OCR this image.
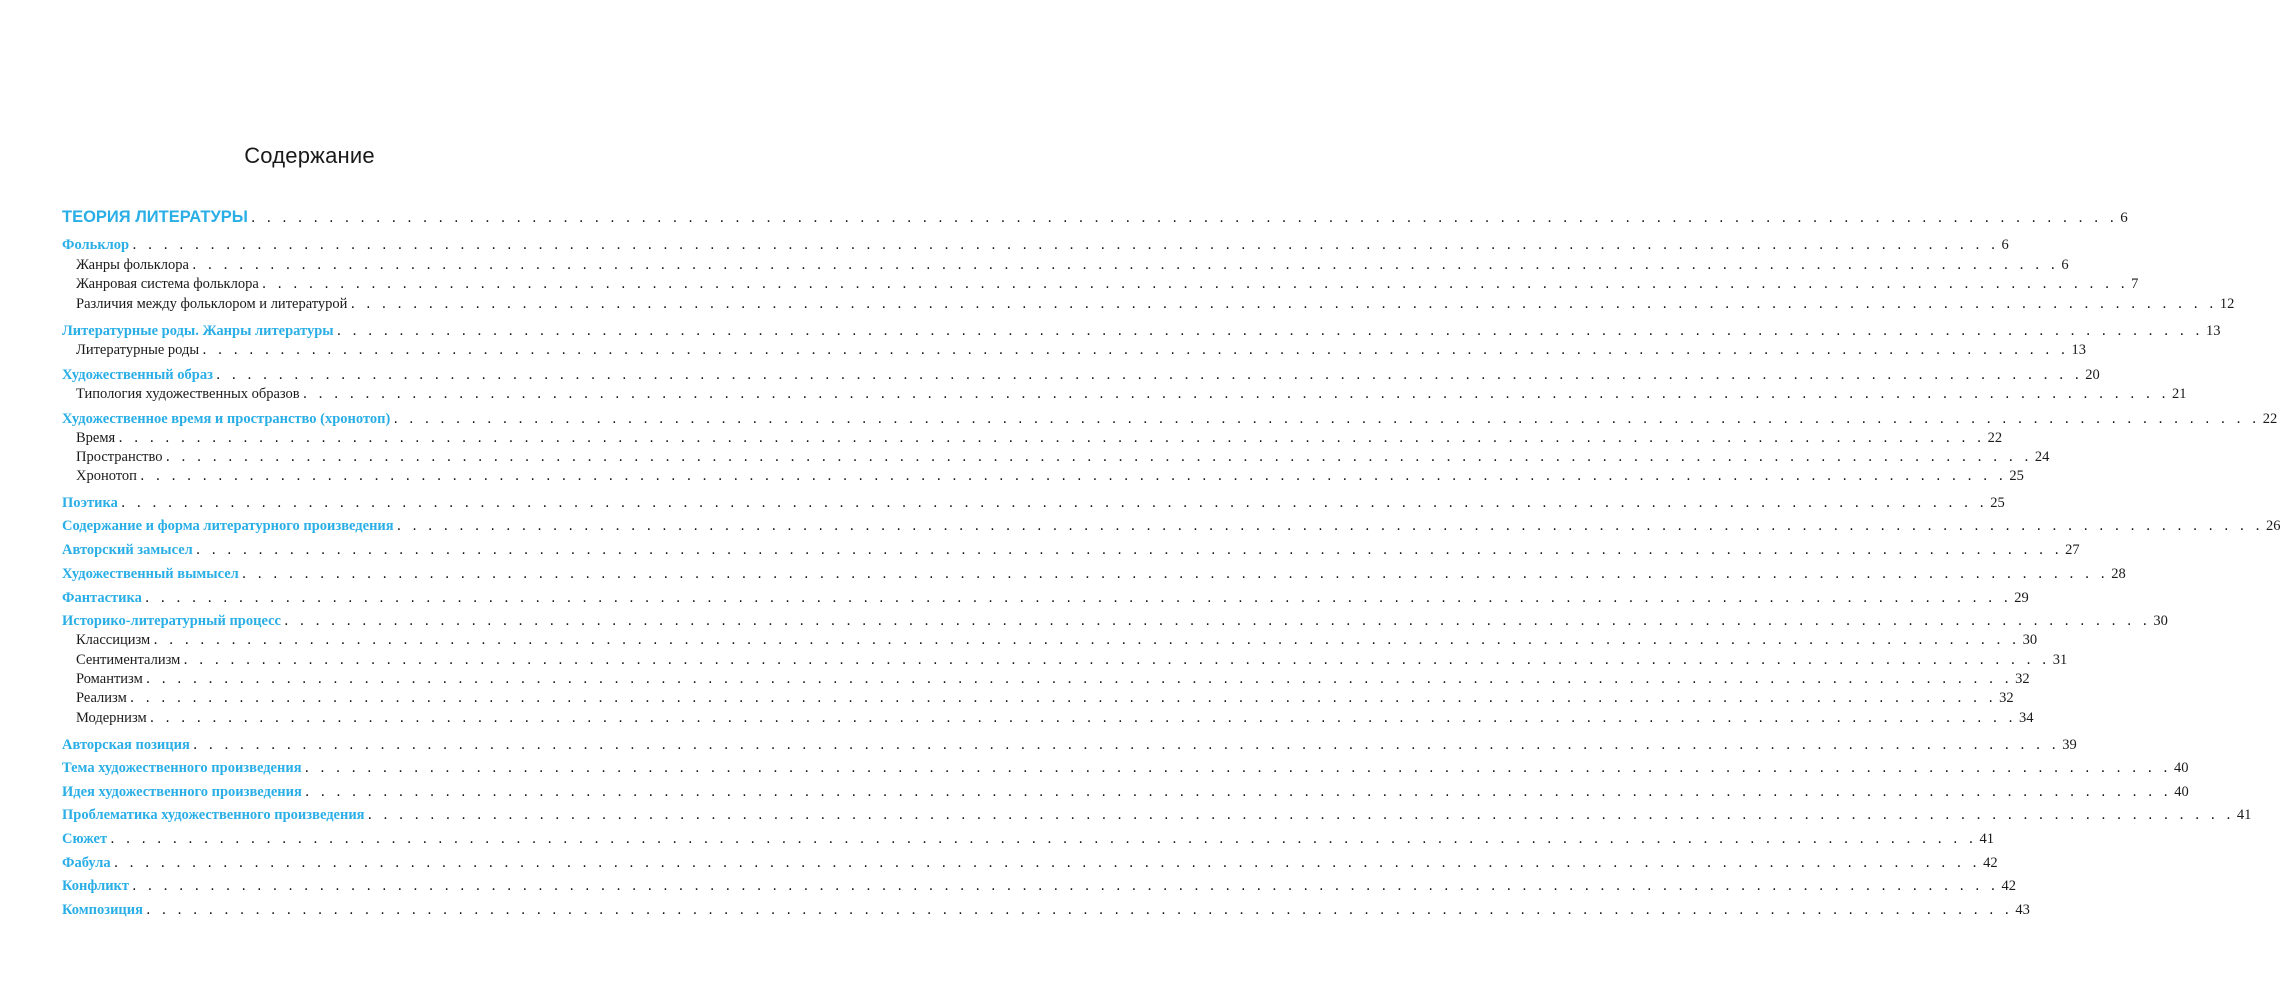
Содержание
ТЕОРИЯ ЛИТЕРАТУРЫ . . . . . . . . . . . . . . . . . . . . . . . . . . . . . . . . . . . . . . . . . . . . . . . . . . . . . . . . . . . . . . . . . . . . . . . . . . . . . . . . . . . . . . . . . . . . . . . . . . . . . . . . . . . . . . . . . . . . . . . . 6
Фольклор . . . . . . . . . . . . . . . . . . . . . . . . . . . . . . . . . . . . . . . . . . . . . . . . . . . . . . . . . . . . . . . . . . . . . . . . . . . . . . . . . . . . . . . . . . . . . . . . . . . . . . . . . . . . . . . . . . . . . . . . 6
Жанры фольклора . . . . . . . . . . . . . . . . . . . . . . . . . . . . . . . . . . . . . . . . . . . . . . . . . . . . . . . . . . . . . . . . . . . . . . . . . . . . . . . . . . . . . . . . . . . . . . . . . . . . . . . . . . . . . . . . . . . . . . . . 6
Жанровая система фольклора . . . . . . . . . . . . . . . . . . . . . . . . . . . . . . . . . . . . . . . . . . . . . . . . . . . . . . . . . . . . . . . . . . . . . . . . . . . . . . . . . . . . . . . . . . . . . . . . . . . . . . . . . . . . . . . . . . . . . . . . 7
Различия между фольклором и литературой . . . . . . . . . . . . . . . . . . . . . . . . . . . . . . . . . . . . . . . . . . . . . . . . . . . . . . . . . . . . . . . . . . . . . . . . . . . . . . . . . . . . . . . . . . . . . . . . . . . . . . . . . . . . . . . . . . . . . . . . 12
Литературные роды. Жанры литературы . . . . . . . . . . . . . . . . . . . . . . . . . . . . . . . . . . . . . . . . . . . . . . . . . . . . . . . . . . . . . . . . . . . . . . . . . . . . . . . . . . . . . . . . . . . . . . . . . . . . . . . . . . . . . . . . . . . . . . . . 13
Литературные роды . . . . . . . . . . . . . . . . . . . . . . . . . . . . . . . . . . . . . . . . . . . . . . . . . . . . . . . . . . . . . . . . . . . . . . . . . . . . . . . . . . . . . . . . . . . . . . . . . . . . . . . . . . . . . . . . . . . . . . . . 13
Художественный образ . . . . . . . . . . . . . . . . . . . . . . . . . . . . . . . . . . . . . . . . . . . . . . . . . . . . . . . . . . . . . . . . . . . . . . . . . . . . . . . . . . . . . . . . . . . . . . . . . . . . . . . . . . . . . . . . . . . . . . . . 20
Типология художественных образов . . . . . . . . . . . . . . . . . . . . . . . . . . . . . . . . . . . . . . . . . . . . . . . . . . . . . . . . . . . . . . . . . . . . . . . . . . . . . . . . . . . . . . . . . . . . . . . . . . . . . . . . . . . . . . . . . . . . . . . . 21
Художественное время и пространство (хронотоп) . . . . . . . . . . . . . . . . . . . . . . . . . . . . . . . . . . . . . . . . . . . . . . . . . . . . . . . . . . . . . . . . . . . . . . . . . . . . . . . . . . . . . . . . . . . . . . . . . . . . . . . . . . . . . . . . . . . . . . . . 22
Время . . . . . . . . . . . . . . . . . . . . . . . . . . . . . . . . . . . . . . . . . . . . . . . . . . . . . . . . . . . . . . . . . . . . . . . . . . . . . . . . . . . . . . . . . . . . . . . . . . . . . . . . . . . . . . . . . . . . . . . . 22
Пространство . . . . . . . . . . . . . . . . . . . . . . . . . . . . . . . . . . . . . . . . . . . . . . . . . . . . . . . . . . . . . . . . . . . . . . . . . . . . . . . . . . . . . . . . . . . . . . . . . . . . . . . . . . . . . . . . . . . . . . . . 24
Хронотоп . . . . . . . . . . . . . . . . . . . . . . . . . . . . . . . . . . . . . . . . . . . . . . . . . . . . . . . . . . . . . . . . . . . . . . . . . . . . . . . . . . . . . . . . . . . . . . . . . . . . . . . . . . . . . . . . . . . . . . . . 25
Поэтика . . . . . . . . . . . . . . . . . . . . . . . . . . . . . . . . . . . . . . . . . . . . . . . . . . . . . . . . . . . . . . . . . . . . . . . . . . . . . . . . . . . . . . . . . . . . . . . . . . . . . . . . . . . . . . . . . . . . . . . . 25
Содержание и форма литературного произведения . . . . . . . . . . . . . . . . . . . . . . . . . . . . . . . . . . . . . . . . . . . . . . . . . . . . . . . . . . . . . . . . . . . . . . . . . . . . . . . . . . . . . . . . . . . . . . . . . . . . . . . . . . . . . . . . . . . . . . . . 26
Авторский замысел . . . . . . . . . . . . . . . . . . . . . . . . . . . . . . . . . . . . . . . . . . . . . . . . . . . . . . . . . . . . . . . . . . . . . . . . . . . . . . . . . . . . . . . . . . . . . . . . . . . . . . . . . . . . . . . . . . . . . . . . 27
Художественный вымысел . . . . . . . . . . . . . . . . . . . . . . . . . . . . . . . . . . . . . . . . . . . . . . . . . . . . . . . . . . . . . . . . . . . . . . . . . . . . . . . . . . . . . . . . . . . . . . . . . . . . . . . . . . . . . . . . . . . . . . . . 28
Фантастика . . . . . . . . . . . . . . . . . . . . . . . . . . . . . . . . . . . . . . . . . . . . . . . . . . . . . . . . . . . . . . . . . . . . . . . . . . . . . . . . . . . . . . . . . . . . . . . . . . . . . . . . . . . . . . . . . . . . . . . . 29
Историко-литературный процесс . . . . . . . . . . . . . . . . . . . . . . . . . . . . . . . . . . . . . . . . . . . . . . . . . . . . . . . . . . . . . . . . . . . . . . . . . . . . . . . . . . . . . . . . . . . . . . . . . . . . . . . . . . . . . . . . . . . . . . . . 30
Классицизм . . . . . . . . . . . . . . . . . . . . . . . . . . . . . . . . . . . . . . . . . . . . . . . . . . . . . . . . . . . . . . . . . . . . . . . . . . . . . . . . . . . . . . . . . . . . . . . . . . . . . . . . . . . . . . . . . . . . . . . . 30
Сентиментализм . . . . . . . . . . . . . . . . . . . . . . . . . . . . . . . . . . . . . . . . . . . . . . . . . . . . . . . . . . . . . . . . . . . . . . . . . . . . . . . . . . . . . . . . . . . . . . . . . . . . . . . . . . . . . . . . . . . . . . . . 31
Романтизм . . . . . . . . . . . . . . . . . . . . . . . . . . . . . . . . . . . . . . . . . . . . . . . . . . . . . . . . . . . . . . . . . . . . . . . . . . . . . . . . . . . . . . . . . . . . . . . . . . . . . . . . . . . . . . . . . . . . . . . . 32
Реализм . . . . . . . . . . . . . . . . . . . . . . . . . . . . . . . . . . . . . . . . . . . . . . . . . . . . . . . . . . . . . . . . . . . . . . . . . . . . . . . . . . . . . . . . . . . . . . . . . . . . . . . . . . . . . . . . . . . . . . . . 32
Модернизм . . . . . . . . . . . . . . . . . . . . . . . . . . . . . . . . . . . . . . . . . . . . . . . . . . . . . . . . . . . . . . . . . . . . . . . . . . . . . . . . . . . . . . . . . . . . . . . . . . . . . . . . . . . . . . . . . . . . . . . . 34
Авторская позиция . . . . . . . . . . . . . . . . . . . . . . . . . . . . . . . . . . . . . . . . . . . . . . . . . . . . . . . . . . . . . . . . . . . . . . . . . . . . . . . . . . . . . . . . . . . . . . . . . . . . . . . . . . . . . . . . . . . . . . . . 39
Тема художественного произведения . . . . . . . . . . . . . . . . . . . . . . . . . . . . . . . . . . . . . . . . . . . . . . . . . . . . . . . . . . . . . . . . . . . . . . . . . . . . . . . . . . . . . . . . . . . . . . . . . . . . . . . . . . . . . . . . . . . . . . . . 40
Идея художественного произведения . . . . . . . . . . . . . . . . . . . . . . . . . . . . . . . . . . . . . . . . . . . . . . . . . . . . . . . . . . . . . . . . . . . . . . . . . . . . . . . . . . . . . . . . . . . . . . . . . . . . . . . . . . . . . . . . . . . . . . . . 40
Проблематика художественного произведения . . . . . . . . . . . . . . . . . . . . . . . . . . . . . . . . . . . . . . . . . . . . . . . . . . . . . . . . . . . . . . . . . . . . . . . . . . . . . . . . . . . . . . . . . . . . . . . . . . . . . . . . . . . . . . . . . . . . . . . . 41
Сюжет . . . . . . . . . . . . . . . . . . . . . . . . . . . . . . . . . . . . . . . . . . . . . . . . . . . . . . . . . . . . . . . . . . . . . . . . . . . . . . . . . . . . . . . . . . . . . . . . . . . . . . . . . . . . . . . . . . . . . . . . 41
Фабула . . . . . . . . . . . . . . . . . . . . . . . . . . . . . . . . . . . . . . . . . . . . . . . . . . . . . . . . . . . . . . . . . . . . . . . . . . . . . . . . . . . . . . . . . . . . . . . . . . . . . . . . . . . . . . . . . . . . . . . . 42
Конфликт . . . . . . . . . . . . . . . . . . . . . . . . . . . . . . . . . . . . . . . . . . . . . . . . . . . . . . . . . . . . . . . . . . . . . . . . . . . . . . . . . . . . . . . . . . . . . . . . . . . . . . . . . . . . . . . . . . . . . . . . 42
Композиция . . . . . . . . . . . . . . . . . . . . . . . . . . . . . . . . . . . . . . . . . . . . . . . . . . . . . . . . . . . . . . . . . . . . . . . . . . . . . . . . . . . . . . . . . . . . . . . . . . . . . . . . . . . . . . . . . . . . . . . . 43
